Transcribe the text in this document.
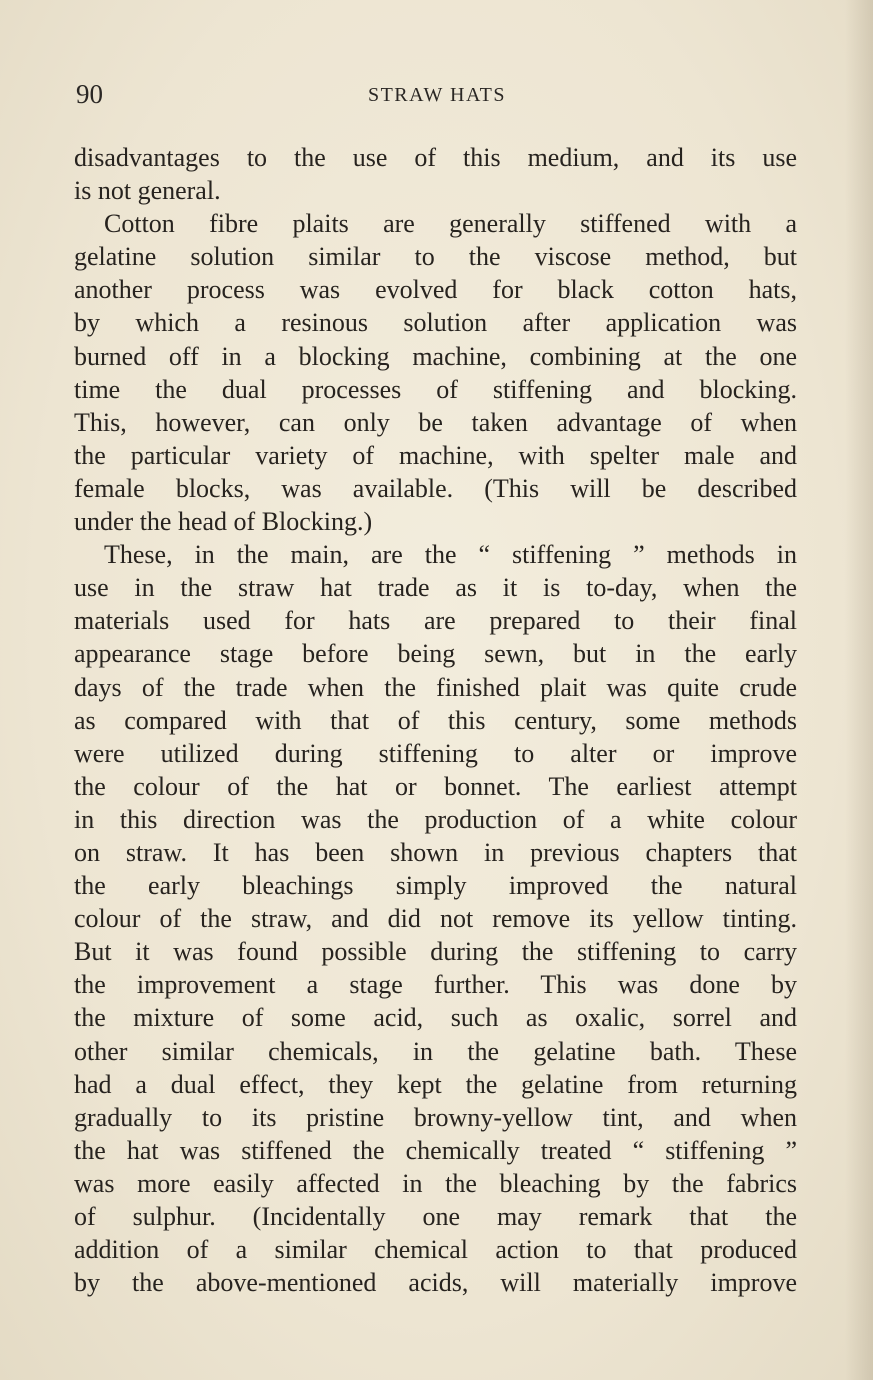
90	STRAW HATS
disadvantages to the use of this medium, and its use
is not general.
Cotton fibre plaits are generally stiffened with a
gelatine solution similar to the viscose method, but
another process was evolved for black cotton hats,
by which a resinous solution after application was
burned off in a blocking machine, combining at the one
time the dual processes of stiffening and blocking.
This, however, can only be taken advantage of when
the particular variety of machine, with spelter male and
female blocks, was available. (This will be described
under the head of Blocking.)
These, in the main, are the “ stiffening ” methods in
use in the straw hat trade as it is to-day, when the
materials used for hats are prepared to their final
appearance stage before being sewn, but in the early
days of the trade when the finished plait was quite crude
as compared with that of this century, some methods
were utilized during stiffening to alter or improve
the colour of the hat or bonnet. The earliest attempt
in this direction was the production of a white colour
on straw. It has been shown in previous chapters that
the early bleachings simply improved the natural
colour of the straw, and did not remove its yellow tinting.
But it was found possible during the stiffening to carry
the improvement a stage further. This was done by
the mixture of some acid, such as oxalic, sorrel and
other similar chemicals, in the gelatine bath. These
had a dual effect, they kept the gelatine from returning
gradually to its pristine browny-yellow tint, and when
the hat was stiffened the chemically treated “ stiffening ”
was more easily affected in the bleaching by the fabrics
of sulphur. (Incidentally one may remark that the
addition of a similar chemical action to that produced
by the above-mentioned acids, will materially improve
